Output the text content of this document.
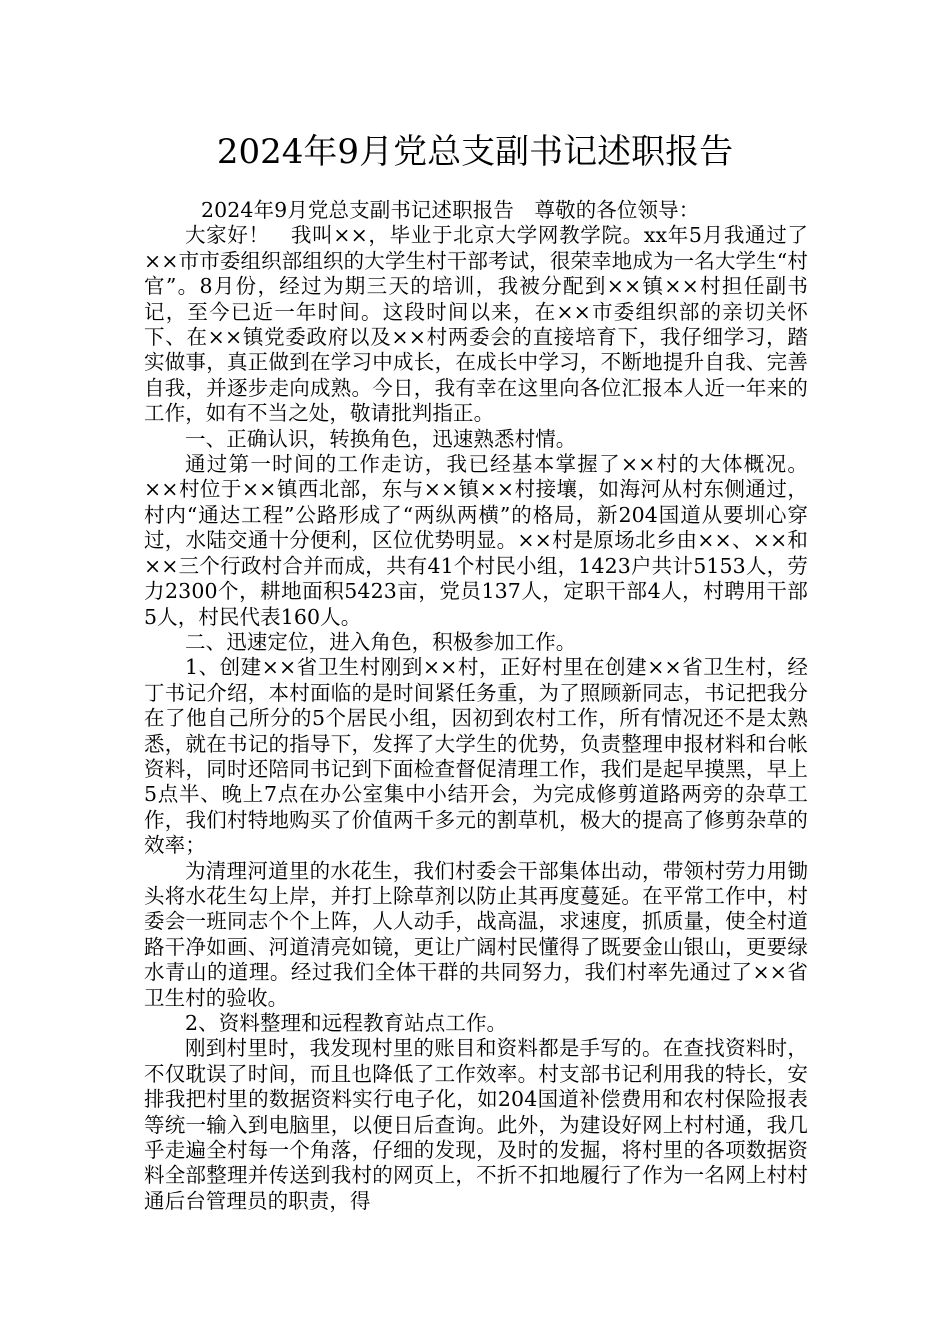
2024年9月党总支副书记述职报告

2024年9月党总支副书记述职报告　尊敬的各位领导：

大家好！　我叫××，毕业于北京大学网教学院。xx年5月我通过了××市市委组织部组织的大学生村干部考试，很荣幸地成为一名大学生“村官”。8月份，经过为期三天的培训，我被分配到××镇××村担任副书记，至今已近一年时间。这段时间以来，在××市委组织部的亲切关怀下、在××镇党委政府以及××村两委会的直接培育下，我仔细学习，踏实做事，真正做到在学习中成长，在成长中学习，不断地提升自我、完善自我，并逐步走向成熟。今日，我有幸在这里向各位汇报本人近一年来的工作，如有不当之处，敬请批判指正。

一、正确认识，转换角色，迅速熟悉村情。

通过第一时间的工作走访，我已经基本掌握了××村的大体概况。××村位于××镇西北部，东与××镇××村接壤，如海河从村东侧通过，村内“通达工程”公路形成了“两纵两横”的格局，新204国道从要圳心穿过，水陆交通十分便利，区位优势明显。××村是原场北乡由××、××和××三个行政村合并而成，共有41个村民小组，1423户共计5153人，劳力2300个，耕地面积5423亩，党员137人，定职干部4人，村聘用干部5人，村民代表160人。

二、迅速定位，进入角色，积极参加工作。

1、创建××省卫生村刚到××村，正好村里在创建××省卫生村，经丁书记介绍，本村面临的是时间紧任务重，为了照顾新同志，书记把我分在了他自己所分的5个居民小组，因初到农村工作，所有情况还不是太熟悉，就在书记的指导下，发挥了大学生的优势，负责整理申报材料和台帐资料，同时还陪同书记到下面检查督促清理工作，我们是起早摸黑，早上5点半、晚上7点在办公室集中小结开会，为完成修剪道路两旁的杂草工作，我们村特地购买了价值两千多元的割草机，极大的提高了修剪杂草的效率；

为清理河道里的水花生，我们村委会干部集体出动，带领村劳力用锄头将水花生勾上岸，并打上除草剂以防止其再度蔓延。在平常工作中，村委会一班同志个个上阵，人人动手，战高温，求速度，抓质量，使全村道路干净如画、河道清亮如镜，更让广阔村民懂得了既要金山银山，更要绿水青山的道理。经过我们全体干群的共同努力，我们村率先通过了××省卫生村的验收。

2、资料整理和远程教育站点工作。

刚到村里时，我发现村里的账目和资料都是手写的。在查找资料时，不仅耽误了时间，而且也降低了工作效率。村支部书记利用我的特长，安排我把村里的数据资料实行电子化，如204国道补偿费用和农村保险报表等统一输入到电脑里，以便日后查询。此外，为建设好网上村村通，我几乎走遍全村每一个角落，仔细的发现，及时的发掘，将村里的各项数据资料全部整理并传送到我村的网页上，不折不扣地履行了作为一名网上村村通后台管理员的职责，得
